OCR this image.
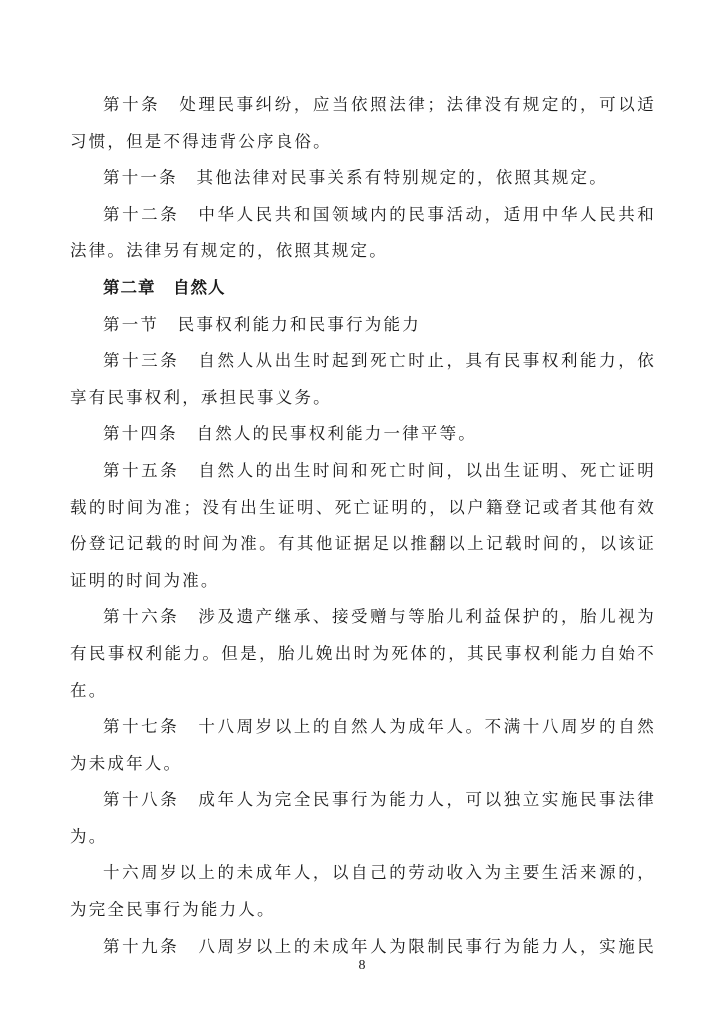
第十条　处理民事纠纷，应当依照法律；法律没有规定的，可以适
习惯，但是不得违背公序良俗。
第十一条　其他法律对民事关系有特别规定的，依照其规定。
第十二条　中华人民共和国领域内的民事活动，适用中华人民共和
法律。法律另有规定的，依照其规定。
第二章　自然人
第一节　民事权利能力和民事行为能力
第十三条　自然人从出生时起到死亡时止，具有民事权利能力，依
享有民事权利，承担民事义务。
第十四条　自然人的民事权利能力一律平等。
第十五条　自然人的出生时间和死亡时间，以出生证明、死亡证明
载的时间为准；没有出生证明、死亡证明的，以户籍登记或者其他有效
份登记记载的时间为准。有其他证据足以推翻以上记载时间的，以该证
证明的时间为准。
第十六条　涉及遗产继承、接受赠与等胎儿利益保护的，胎儿视为
有民事权利能力。但是，胎儿娩出时为死体的，其民事权利能力自始不
在。
第十七条　十八周岁以上的自然人为成年人。不满十八周岁的自然
为未成年人。
第十八条　成年人为完全民事行为能力人，可以独立实施民事法律
为。
十六周岁以上的未成年人，以自己的劳动收入为主要生活来源的，
为完全民事行为能力人。
第十九条　八周岁以上的未成年人为限制民事行为能力人，实施民
8
